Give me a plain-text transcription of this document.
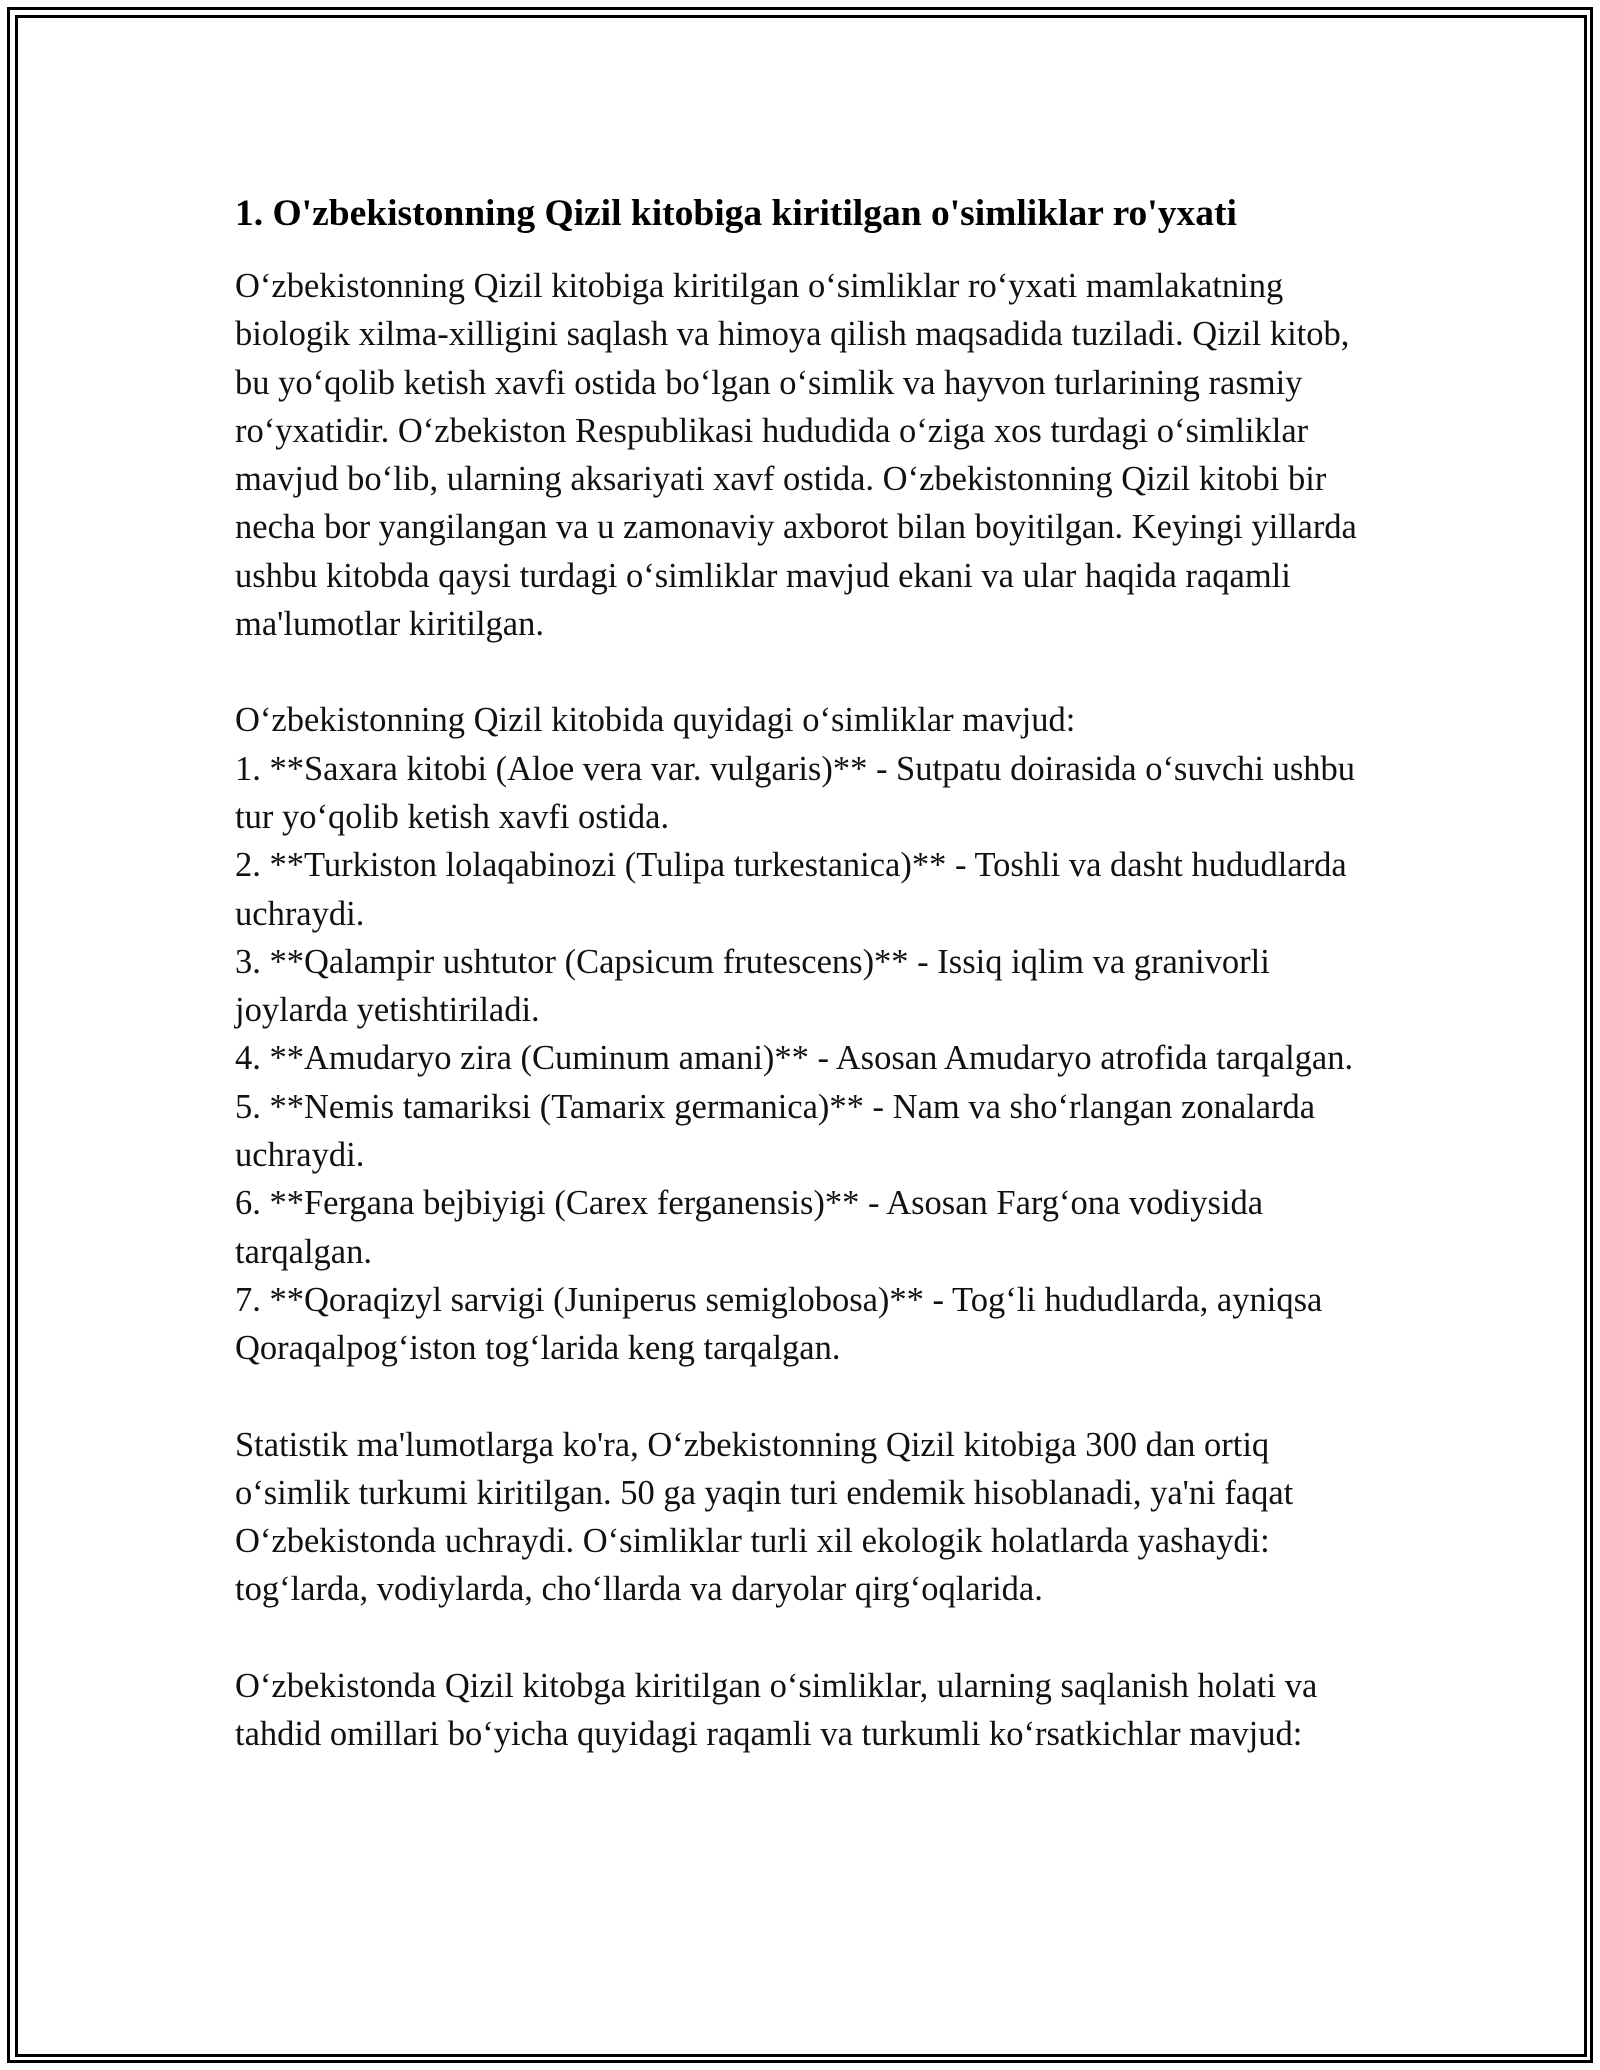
1. O'zbekistonning Qizil kitobiga kiritilgan o'simliklar ro'yxati

O‘zbekistonning Qizil kitobiga kiritilgan o‘simliklar ro‘yxati mamlakatning biologik xilma-xilligini saqlash va himoya qilish maqsadida tuziladi. Qizil kitob, bu yo‘qolib ketish xavfi ostida bo‘lgan o‘simlik va hayvon turlarining rasmiy ro‘yxatidir. O‘zbekiston Respublikasi hududida o‘ziga xos turdagi o‘simliklar mavjud bo‘lib, ularning aksariyati xavf ostida. O‘zbekistonning Qizil kitobi bir necha bor yangilangan va u zamonaviy axborot bilan boyitilgan. Keyingi yillarda ushbu kitobda qaysi turdagi o‘simliklar mavjud ekani va ular haqida raqamli ma'lumotlar kiritilgan.

O‘zbekistonning Qizil kitobida quyidagi o‘simliklar mavjud:

1. **Saxara kitobi (Aloe vera var. vulgaris)** - Sutpatu doirasida o‘suvchi ushbu tur yo‘qolib ketish xavfi ostida.
2. **Turkiston lolaqabinozi (Tulipa turkestanica)** - Toshli va dasht hududlarda uchraydi.
3. **Qalampir ushtutor (Capsicum frutescens)** - Issiq iqlim va granivorli joylarda yetishtiriladi.
4. **Amudaryo zira (Cuminum amani)** - Asosan Amudaryo atrofida tarqalgan.
5. **Nemis tamariksi (Tamarix germanica)** - Nam va sho‘rlangan zonalarda uchraydi.
6. **Fergana bejbiyigi (Carex ferganensis)** - Asosan Farg‘ona vodiysida tarqalgan.
7. **Qoraqizyl sarvigi (Juniperus semiglobosa)** - Tog‘li hududlarda, ayniqsa Qoraqalpog‘iston tog‘larida keng tarqalgan.

Statistik ma'lumotlarga ko'ra, O‘zbekistonning Qizil kitobiga 300 dan ortiq o‘simlik turkumi kiritilgan. 50 ga yaqin turi endemik hisoblanadi, ya'ni faqat O‘zbekistonda uchraydi. O‘simliklar turli xil ekologik holatlarda yashaydi: tog‘larda, vodiylarda, cho‘llarda va daryolar qirg‘oqlarida.

O‘zbekistonda Qizil kitobga kiritilgan o‘simliklar, ularning saqlanish holati va tahdid omillari bo‘yicha quyidagi raqamli va turkumli ko‘rsatkichlar mavjud:
